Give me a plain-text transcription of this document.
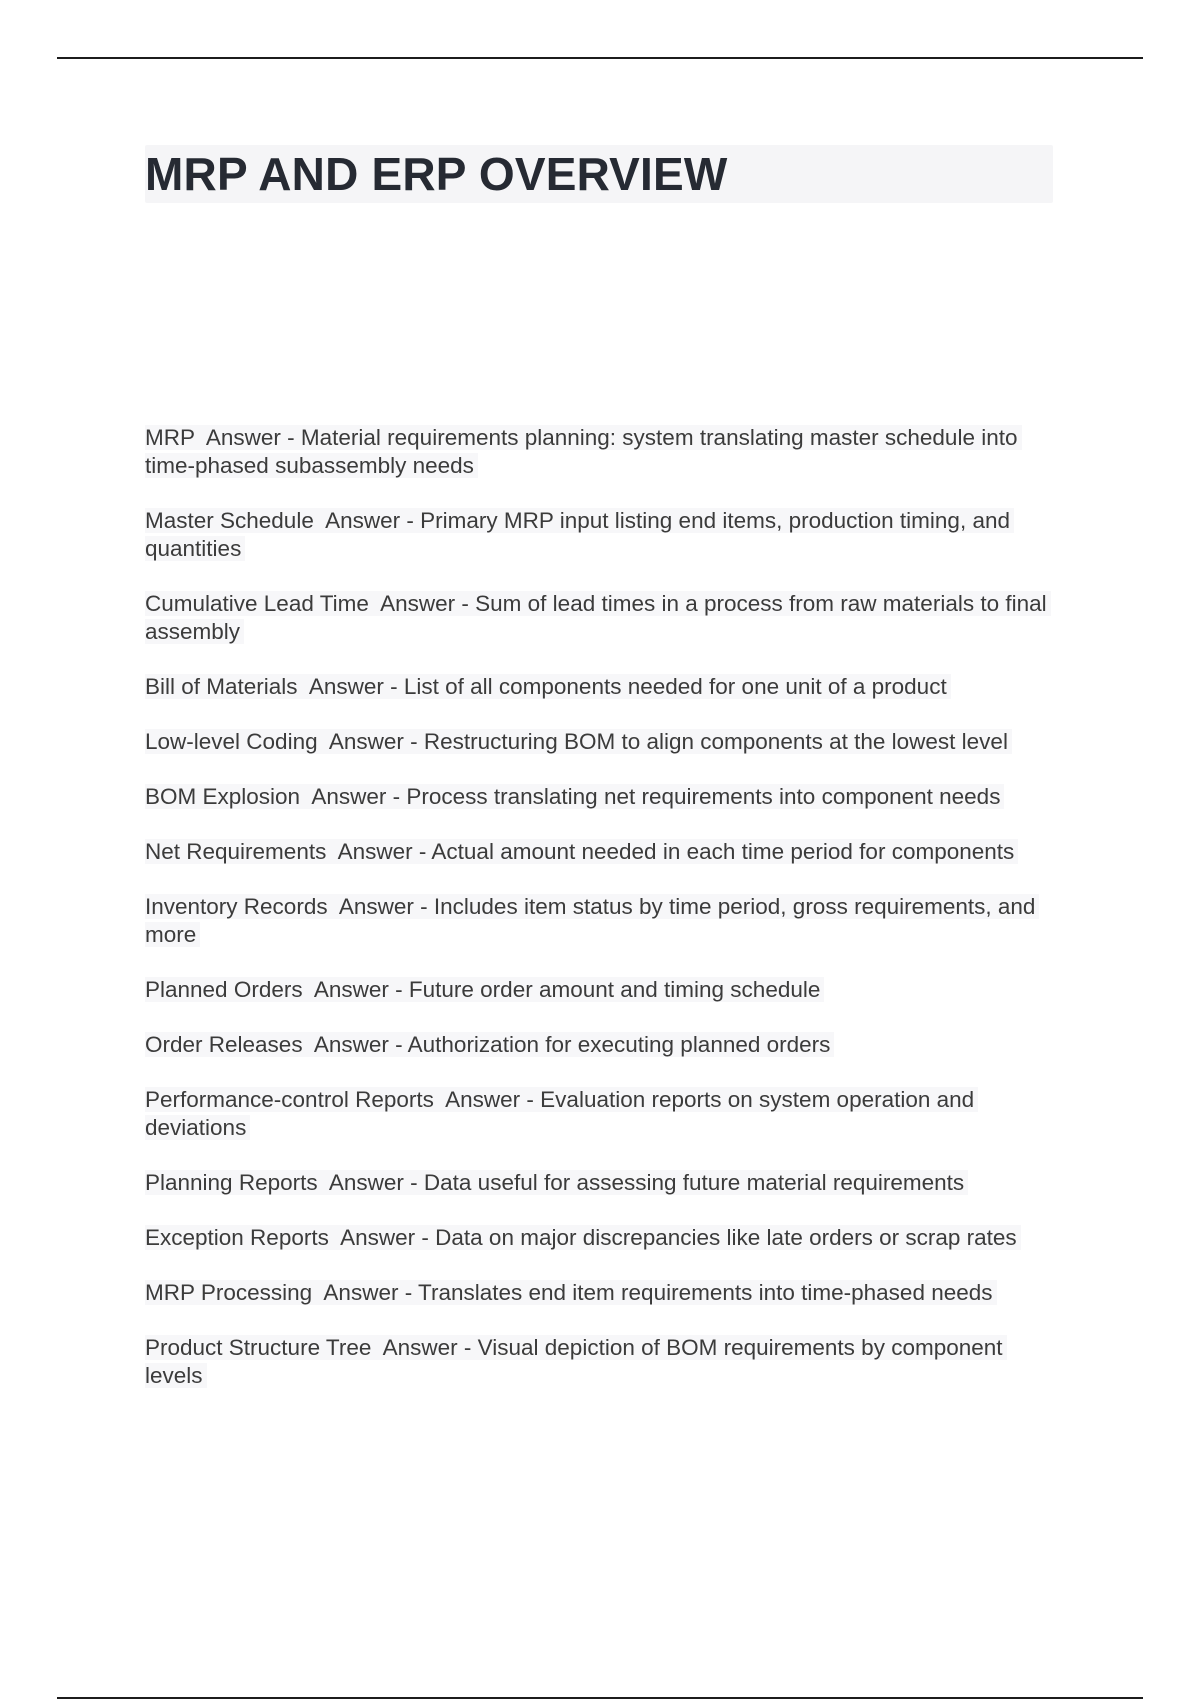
MRP AND ERP OVERVIEW
MRP Answer - Material requirements planning: system translating master schedule into time-phased subassembly needs
Master Schedule Answer - Primary MRP input listing end items, production timing, and quantities
Cumulative Lead Time Answer - Sum of lead times in a process from raw materials to final assembly
Bill of Materials Answer - List of all components needed for one unit of a product
Low-level Coding Answer - Restructuring BOM to align components at the lowest level
BOM Explosion Answer - Process translating net requirements into component needs
Net Requirements Answer - Actual amount needed in each time period for components
Inventory Records Answer - Includes item status by time period, gross requirements, and more
Planned Orders Answer - Future order amount and timing schedule
Order Releases Answer - Authorization for executing planned orders
Performance-control Reports Answer - Evaluation reports on system operation and deviations
Planning Reports Answer - Data useful for assessing future material requirements
Exception Reports Answer - Data on major discrepancies like late orders or scrap rates
MRP Processing Answer - Translates end item requirements into time-phased needs
Product Structure Tree Answer - Visual depiction of BOM requirements by component levels
